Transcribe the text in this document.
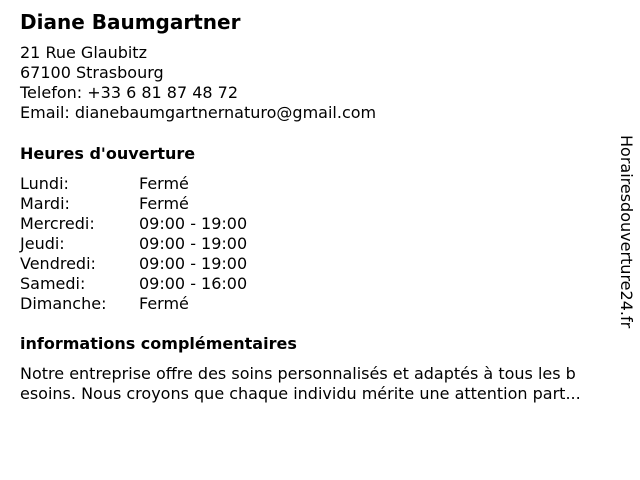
Diane Baumgartner
21 Rue Glaubitz
67100 Strasbourg
Telefon: +33 6 81 87 48 72
Email: dianebaumgartnernaturo@gmail.com
Heures d'ouverture
Lundi:	Fermé
Mardi:	Fermé
Mercredi:	09:00 - 19:00
Jeudi:	09:00 - 19:00
Vendredi:	09:00 - 19:00
Samedi:	09:00 - 16:00
Dimanche: Fermé
informations complémentaires
Notre entreprise offre des soins personnalisés et adaptés à tous les b
esoins. Nous croyons que chaque individu mérite une attention part...
Horairesdouverture24.fr
